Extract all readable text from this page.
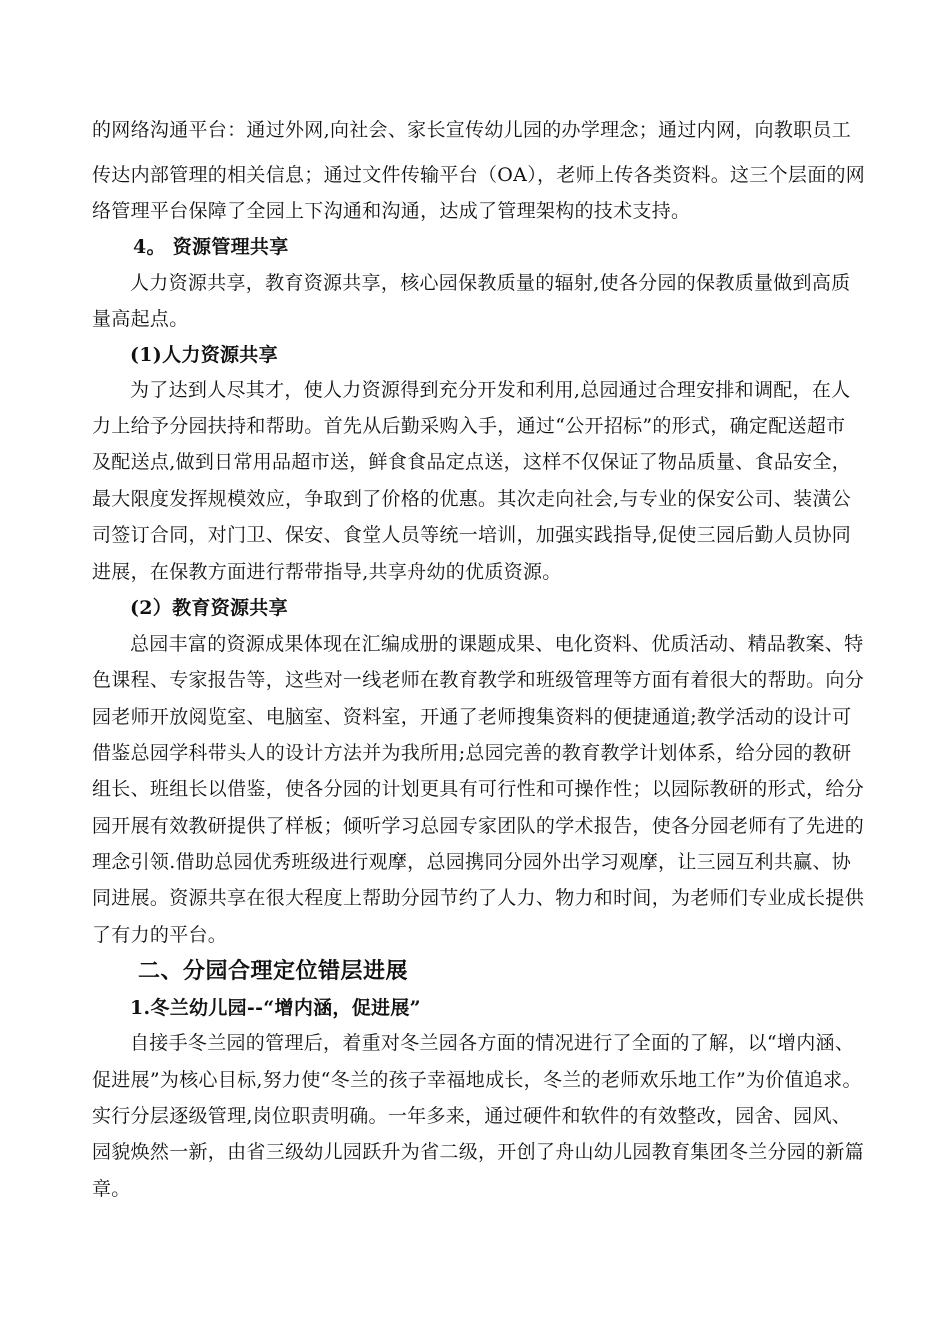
的网络沟通平台：通过外网,向社会、家长宣传幼儿园的办学理念；通过内网，向教职员工
传达内部管理的相关信息；通过文件传输平台（OA），老师上传各类资料。这三个层面的网
络管理平台保障了全园上下沟通和沟通，达成了管理架构的技术支持。
4。 资源管理共享
人力资源共享，教育资源共享，核心园保教质量的辐射,使各分园的保教质量做到高质
量高起点。
(1)人力资源共享
为了达到人尽其才，使人力资源得到充分开发和利用,总园通过合理安排和调配，在人
力上给予分园扶持和帮助。首先从后勤采购入手，通过“公开招标”的形式，确定配送超市
及配送点,做到日常用品超市送，鲜食食品定点送，这样不仅保证了物品质量、食品安全，
最大限度发挥规模效应，争取到了价格的优惠。其次走向社会,与专业的保安公司、装潢公
司签订合同，对门卫、保安、食堂人员等统一培训，加强实践指导,促使三园后勤人员协同
进展，在保教方面进行帮带指导,共享舟幼的优质资源。
(2）教育资源共享
总园丰富的资源成果体现在汇编成册的课题成果、电化资料、优质活动、精品教案、特
色课程、专家报告等，这些对一线老师在教育教学和班级管理等方面有着很大的帮助。向分
园老师开放阅览室、电脑室、资料室，开通了老师搜集资料的便捷通道;教学活动的设计可
借鉴总园学科带头人的设计方法并为我所用;总园完善的教育教学计划体系，给分园的教研
组长、班组长以借鉴，使各分园的计划更具有可行性和可操作性；以园际教研的形式，给分
园开展有效教研提供了样板；倾听学习总园专家团队的学术报告，使各分园老师有了先进的
理念引领.借助总园优秀班级进行观摩，总园携同分园外出学习观摩，让三园互利共赢、协
同进展。资源共享在很大程度上帮助分园节约了人力、物力和时间，为老师们专业成长提供
了有力的平台。
二、分园合理定位错层进展
1.冬兰幼儿园--“增内涵，促进展”
自接手冬兰园的管理后，着重对冬兰园各方面的情况进行了全面的了解，以“增内涵、
促进展”为核心目标,努力使“冬兰的孩子幸福地成长，冬兰的老师欢乐地工作”为价值追求。
实行分层逐级管理,岗位职责明确。一年多来，通过硬件和软件的有效整改，园舍、园风、
园貌焕然一新，由省三级幼儿园跃升为省二级，开创了舟山幼儿园教育集团冬兰分园的新篇
章。
